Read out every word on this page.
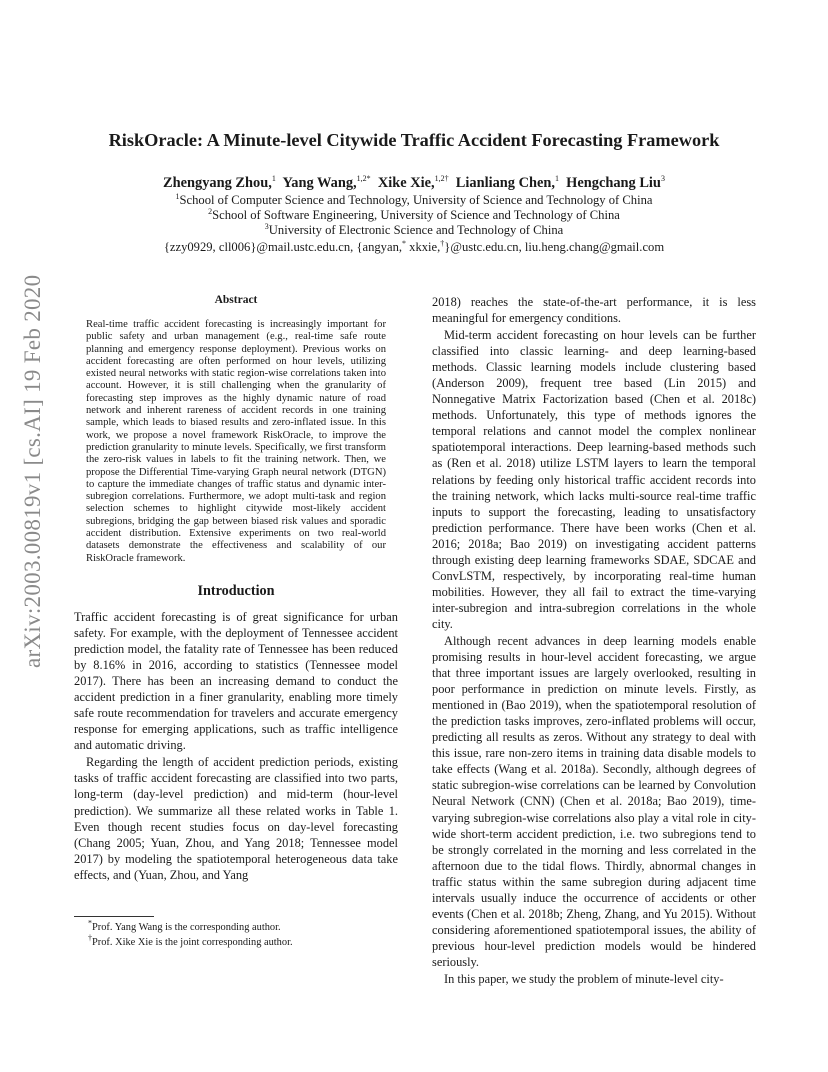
arXiv:2003.00819v1 [cs.AI] 19 Feb 2020
RiskOracle: A Minute-level Citywide Traffic Accident Forecasting Framework
Zhengyang Zhou,$^1$ Yang Wang,$^{1,2*}$ Xike Xie,$^{1,2\dagger}$ Lianliang Chen,$^1$ Hengchang Liu$^3$
$^1$School of Computer Science and Technology, University of Science and Technology of China
$^2$School of Software Engineering, University of Science and Technology of China
$^3$University of Electronic Science and Technology of China
{zzy0929, cll006}@mail.ustc.edu.cn, {angyan,* xkxie,†}@ustc.edu.cn, liu.heng.chang@gmail.com
Abstract

Real-time traffic accident forecasting is increasingly important for public safety and urban management (e.g., real-time safe route planning and emergency response deployment). Previous works on accident forecasting are often performed on hour levels, utilizing existed neural networks with static region-wise correlations taken into account. However, it is still challenging when the granularity of forecasting step improves as the highly dynamic nature of road network and inherent rareness of accident records in one training sample, which leads to biased results and zero-inflated issue. In this work, we propose a novel framework RiskOracle, to improve the prediction granularity to minute levels. Specifically, we first transform the zero-risk values in labels to fit the training network. Then, we propose the Differential Time-varying Graph neural network (DTGN) to capture the immediate changes of traffic status and dynamic inter-subregion correlations. Furthermore, we adopt multi-task and region selection schemes to highlight citywide most-likely accident subregions, bridging the gap between biased risk values and sporadic accident distribution. Extensive experiments on two real-world datasets demonstrate the effectiveness and scalability of our RiskOracle framework.

Introduction

Traffic accident forecasting is of great significance for urban safety. For example, with the deployment of Tennessee accident prediction model, the fatality rate of Tennessee has been reduced by 8.16% in 2016, according to statistics (Tennessee model 2017). There has been an increasing demand to conduct the accident prediction in a finer granularity, enabling more timely safe route recommendation for travelers and accurate emergency response for emerging applications, such as traffic intelligence and automatic driving.

Regarding the length of accident prediction periods, existing tasks of traffic accident forecasting are classified into two parts, long-term (day-level prediction) and mid-term (hour-level prediction). We summarize all these related works in Table 1. Even though recent studies focus on day-level forecasting (Chang 2005; Yuan, Zhou, and Yang 2018; Tennessee model 2017) by modeling the spatiotemporal heterogeneous data take effects, and (Yuan, Zhou, and Yang

2018) reaches the state-of-the-art performance, it is less meaningful for emergency conditions.

Mid-term accident forecasting on hour levels can be further classified into classic learning- and deep learning-based methods. Classic learning models include clustering based (Anderson 2009), frequent tree based (Lin 2015) and Nonnegative Matrix Factorization based (Chen et al. 2018c) methods. Unfortunately, this type of methods ignores the temporal relations and cannot model the complex nonlinear spatiotemporal interactions. Deep learning-based methods such as (Ren et al. 2018) utilize LSTM layers to learn the temporal relations by feeding only historical traffic accident records into the training network, which lacks multi-source real-time traffic inputs to support the forecasting, leading to unsatisfactory prediction performance. There have been works (Chen et al. 2016; 2018a; Bao 2019) on investigating accident patterns through existing deep learning frameworks SDAE, SDCAE and ConvLSTM, respectively, by incorporating real-time human mobilities. However, they all fail to extract the time-varying inter-subregion and intra-subregion correlations in the whole city.

Although recent advances in deep learning models enable promising results in hour-level accident forecasting, we argue that three important issues are largely overlooked, resulting in poor performance in prediction on minute levels. Firstly, as mentioned in (Bao 2019), when the spatiotemporal resolution of the prediction tasks improves, zero-inflated problems will occur, predicting all results as zeros. Without any strategy to deal with this issue, rare non-zero items in training data disable models to take effects (Wang et al. 2018a). Secondly, although degrees of static subregion-wise correlations can be learned by Convolution Neural Network (CNN) (Chen et al. 2018a; Bao 2019), time-varying subregion-wise correlations also play a vital role in city-wide short-term accident prediction, i.e. two subregions tend to be strongly correlated in the morning and less correlated in the afternoon due to the tidal flows. Thirdly, abnormal changes in traffic status within the same subregion during adjacent time intervals usually induce the occurrence of accidents or other events (Chen et al. 2018b; Zheng, Zhang, and Yu 2015). Without considering aforementioned spatiotemporal issues, the ability of previous hour-level prediction models would be hindered seriously.

In this paper, we study the problem of minute-level city-

*Prof. Yang Wang is the corresponding author.
†Prof. Xike Xie is the joint corresponding author.
